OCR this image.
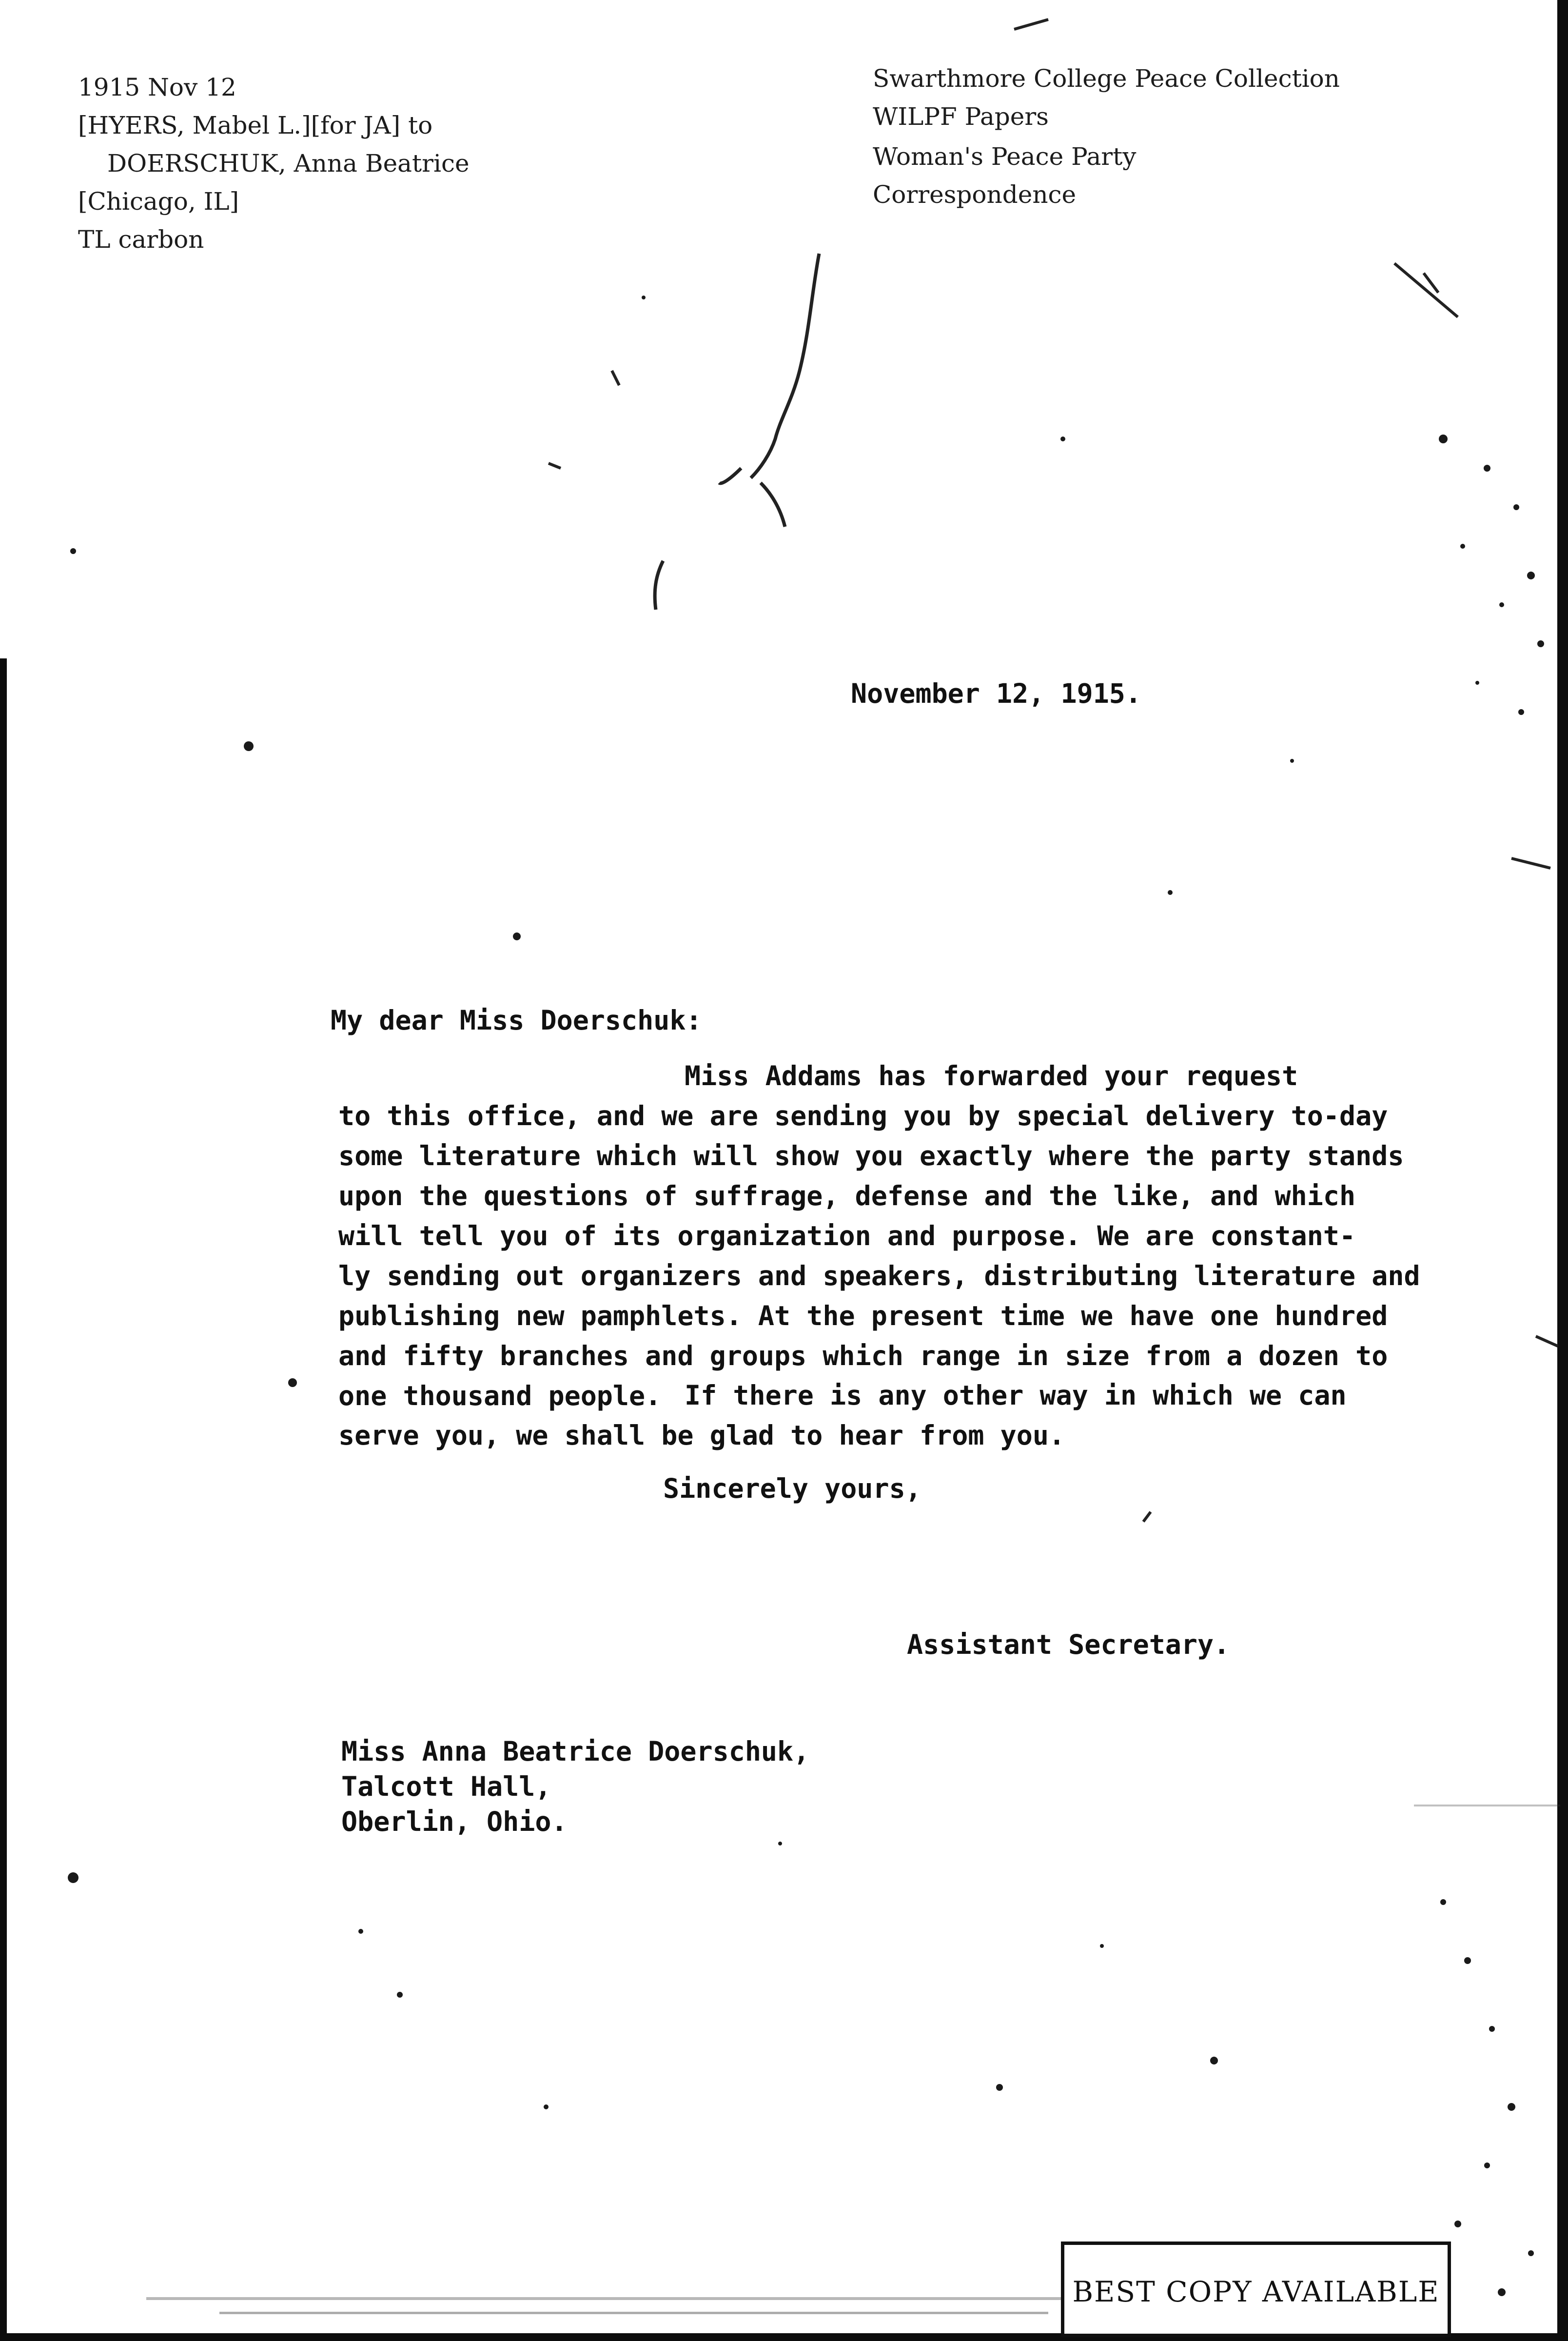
1915 Nov 12
[HYERS, Mabel L.][for JA] to
DOERSCHUK, Anna Beatrice
[Chicago, IL]
TL carbon
Swarthmore College Peace Collection
WILPF Papers
Woman's Peace Party
Correspondence
November 12, 1915.
My dear Miss Doerschuk:
Miss Addams has forwarded your request
to this office, and we are sending you by special delivery to-day
some literature which will show you exactly where the party stands
upon the questions of suffrage, defense and the like, and which
will tell you of its organization and purpose. We are constant-
ly sending out organizers and speakers, distributing literature and
publishing new pamphlets. At the present time we have one hundred
and fifty branches and groups which range in size from a dozen to
one thousand people. If there is any other way in which we can
serve you, we shall be glad to hear from you.
Sincerely yours,
Assistant Secretary.
Miss Anna Beatrice Doerschuk,
Talcott Hall,
Oberlin, Ohio.
BEST COPY AVAILABLE
